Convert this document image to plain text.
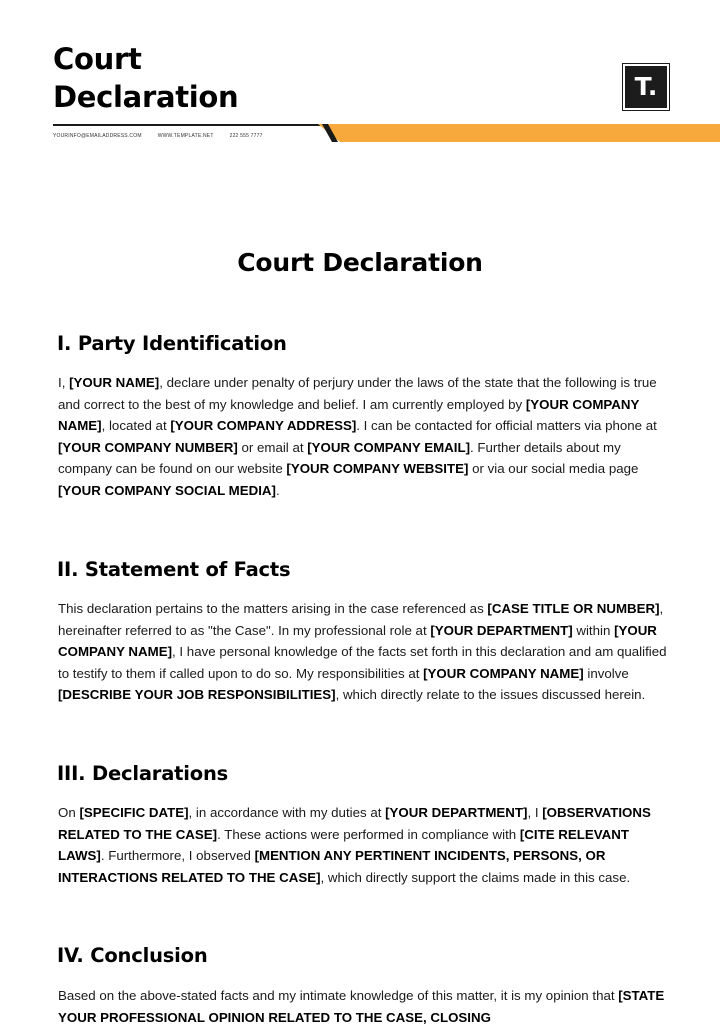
Court
Declaration	T.
YOURINFO@EMAILADDRESS.COM	WWW.TEMPLATE.NET	222 555 7777
Court Declaration
I. Party Identification
I, [YOUR NAME], declare under penalty of perjury under the laws of the state that the following is true and correct to the best of my knowledge and belief. I am currently employed by [YOUR COMPANY NAME], located at [YOUR COMPANY ADDRESS]. I can be contacted for official matters via phone at [YOUR COMPANY NUMBER] or email at [YOUR COMPANY EMAIL]. Further details about my company can be found on our website [YOUR COMPANY WEBSITE] or via our social media page [YOUR COMPANY SOCIAL MEDIA].
II. Statement of Facts
This declaration pertains to the matters arising in the case referenced as [CASE TITLE OR NUMBER], hereinafter referred to as "the Case". In my professional role at [YOUR DEPARTMENT] within [YOUR COMPANY NAME], I have personal knowledge of the facts set forth in this declaration and am qualified to testify to them if called upon to do so. My responsibilities at [YOUR COMPANY NAME] involve [DESCRIBE YOUR JOB RESPONSIBILITIES], which directly relate to the issues discussed herein.
III. Declarations
On [SPECIFIC DATE], in accordance with my duties at [YOUR DEPARTMENT], I [OBSERVATIONS RELATED TO THE CASE]. These actions were performed in compliance with [CITE RELEVANT LAWS]. Furthermore, I observed [MENTION ANY PERTINENT INCIDENTS, PERSONS, OR INTERACTIONS RELATED TO THE CASE], which directly support the claims made in this case.
IV. Conclusion
Based on the above-stated facts and my intimate knowledge of this matter, it is my opinion that [STATE YOUR PROFESSIONAL OPINION RELATED TO THE CASE, CLOSING
